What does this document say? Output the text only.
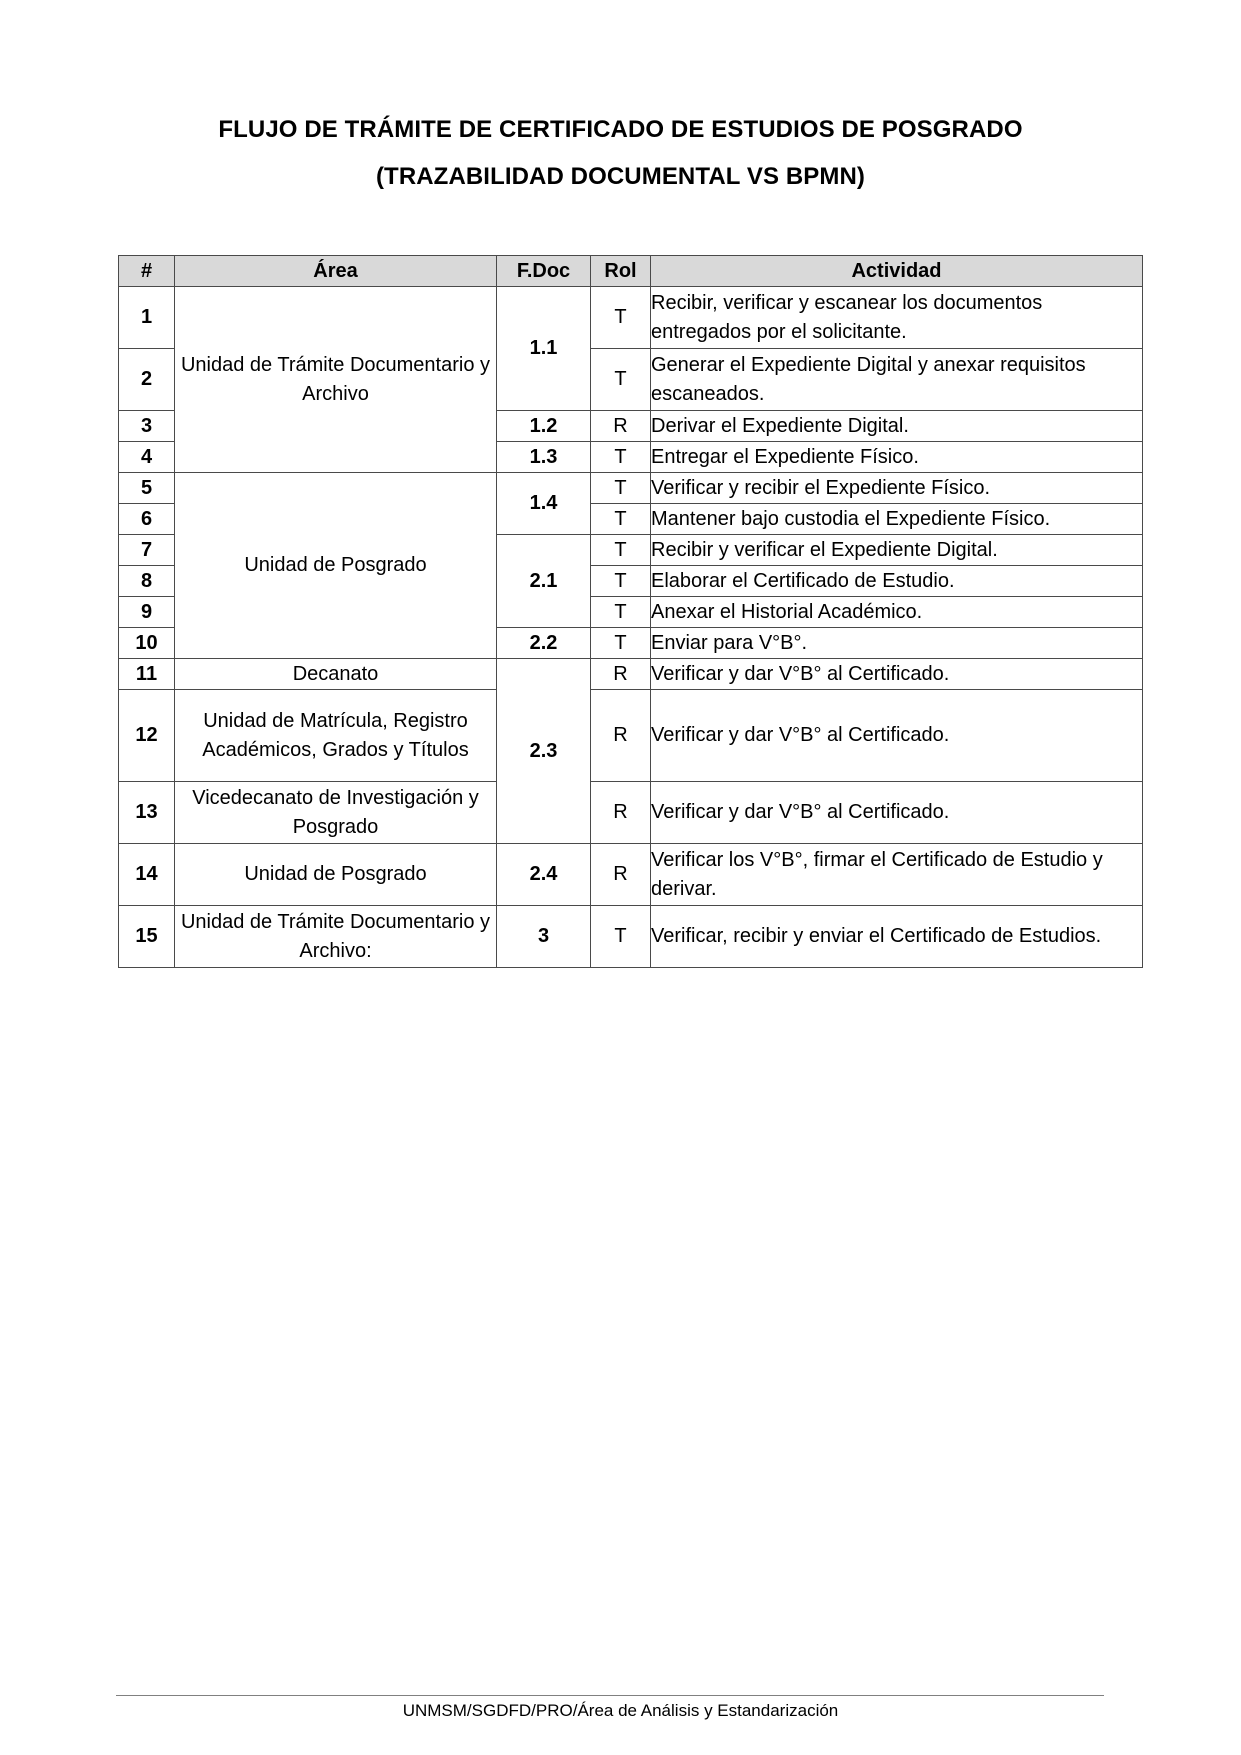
FLUJO DE TRÁMITE DE CERTIFICADO DE ESTUDIOS DE POSGRADO
(TRAZABILIDAD DOCUMENTAL VS BPMN)
#	Área	F.Doc	Rol	Actividad
1	Unidad de Trámite Documentario y Archivo	1.1	T	Recibir, verificar y escanear los documentos entregados por el solicitante.
2			T	Generar el Expediente Digital y anexar requisitos escaneados.
3		1.2	R	Derivar el Expediente Digital.
4		1.3	T	Entregar el Expediente Físico.
5	Unidad de Posgrado	1.4	T	Verificar y recibir el Expediente Físico.
6			T	Mantener bajo custodia el Expediente Físico.
7		2.1	T	Recibir y verificar el Expediente Digital.
8			T	Elaborar el Certificado de Estudio.
9			T	Anexar el Historial Académico.
10		2.2	T	Enviar para V°B°.
11	Decanato	2.3	R	Verificar y dar V°B° al Certificado.
12	Unidad de Matrícula, Registro Académicos, Grados y Títulos		R	Verificar y dar V°B° al Certificado.
13	Vicedecanato de Investigación y Posgrado		R	Verificar y dar V°B° al Certificado.
14	Unidad de Posgrado	2.4	R	Verificar los V°B°, firmar el Certificado de Estudio y derivar.
15	Unidad de Trámite Documentario y Archivo:	3	T	Verificar, recibir y enviar el Certificado de Estudios.
UNMSM/SGDFD/PRO/Área de Análisis y Estandarización
